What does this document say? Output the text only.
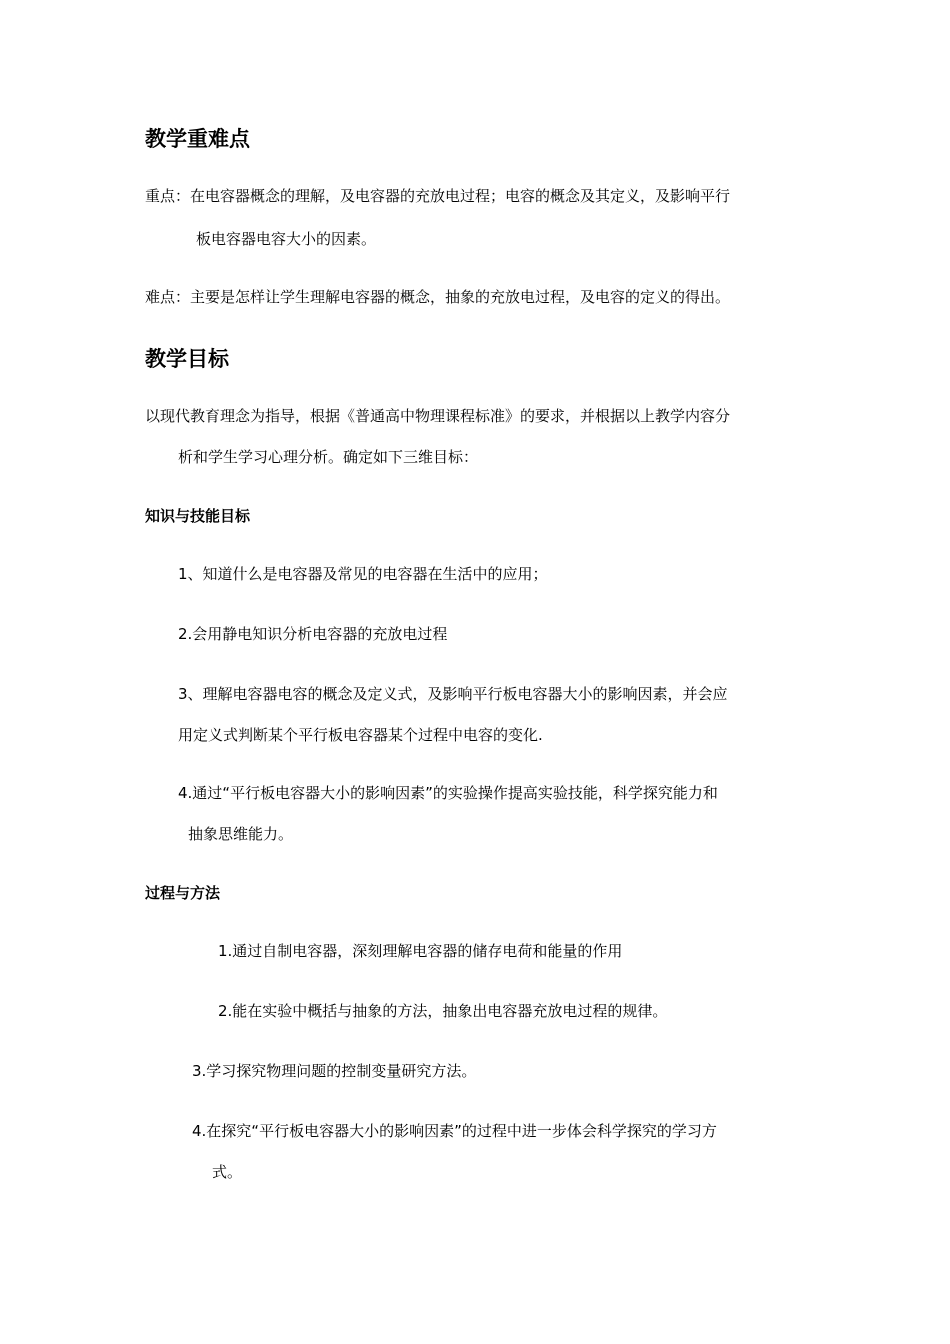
教学重难点
重点：在电容器概念的理解，及电容器的充放电过程；电容的概念及其定义，及影响平行
板电容器电容大小的因素。
难点：主要是怎样让学生理解电容器的概念，抽象的充放电过程，及电容的定义的得出。
教学目标
以现代教育理念为指导，根据《普通高中物理课程标准》的要求，并根据以上教学内容分
析和学生学习心理分析。确定如下三维目标：
知识与技能目标
1、知道什么是电容器及常见的电容器在生活中的应用；
2.会用静电知识分析电容器的充放电过程
3、理解电容器电容的概念及定义式，及影响平行板电容器大小的影响因素，并会应
用定义式判断某个平行板电容器某个过程中电容的变化.
4.通过“平行板电容器大小的影响因素”的实验操作提高实验技能，科学探究能力和
抽象思维能力。
过程与方法
1.通过自制电容器，深刻理解电容器的储存电荷和能量的作用
2.能在实验中概括与抽象的方法，抽象出电容器充放电过程的规律。
3.学习探究物理问题的控制变量研究方法。
4.在探究“平行板电容器大小的影响因素”的过程中进一步体会科学探究的学习方
式。
